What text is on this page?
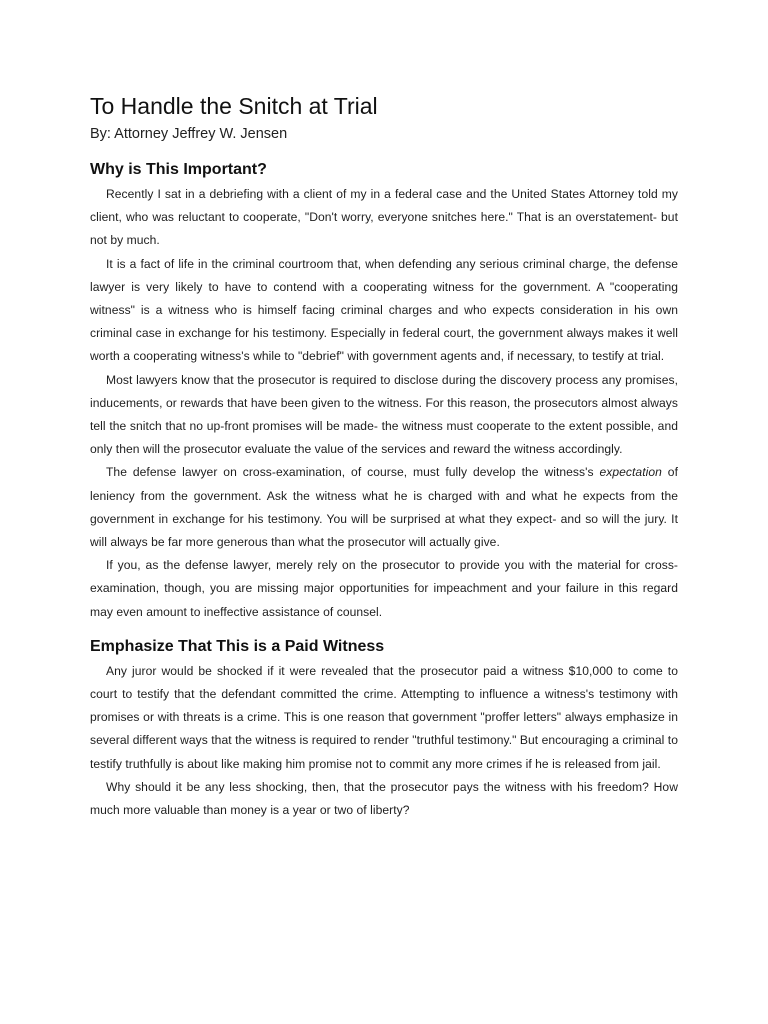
To Handle the Snitch at Trial

By: Attorney Jeffrey W. Jensen

Why is This Important?

Recently I sat in a debriefing with a client of my in a federal case and the United States Attorney told my client, who was reluctant to cooperate, "Don't worry, everyone snitches here." That is an overstatement- but not by much.

It is a fact of life in the criminal courtroom that, when defending any serious criminal charge, the defense lawyer is very likely to have to contend with a cooperating witness for the government. A "cooperating witness" is a witness who is himself facing criminal charges and who expects consideration in his own criminal case in exchange for his testimony. Especially in federal court, the government always makes it well worth a cooperating witness's while to "debrief" with government agents and, if necessary, to testify at trial.

Most lawyers know that the prosecutor is required to disclose during the discovery process any promises, inducements, or rewards that have been given to the witness. For this reason, the prosecutors almost always tell the snitch that no up-front promises will be made- the witness must cooperate to the extent possible, and only then will the prosecutor evaluate the value of the services and reward the witness accordingly.

The defense lawyer on cross-examination, of course, must fully develop the witness's expectation of leniency from the government. Ask the witness what he is charged with and what he expects from the government in exchange for his testimony. You will be surprised at what they expect- and so will the jury. It will always be far more generous than what the prosecutor will actually give.

If you, as the defense lawyer, merely rely on the prosecutor to provide you with the material for cross-examination, though, you are missing major opportunities for impeachment and your failure in this regard may even amount to ineffective assistance of counsel.

Emphasize That This is a Paid Witness

Any juror would be shocked if it were revealed that the prosecutor paid a witness $10,000 to come to court to testify that the defendant committed the crime. Attempting to influence a witness's testimony with promises or with threats is a crime. This is one reason that government "proffer letters" always emphasize in several different ways that the witness is required to render "truthful testimony." But encouraging a criminal to testify truthfully is about like making him promise not to commit any more crimes if he is released from jail.

Why should it be any less shocking, then, that the prosecutor pays the witness with his freedom? How much more valuable than money is a year or two of liberty?
